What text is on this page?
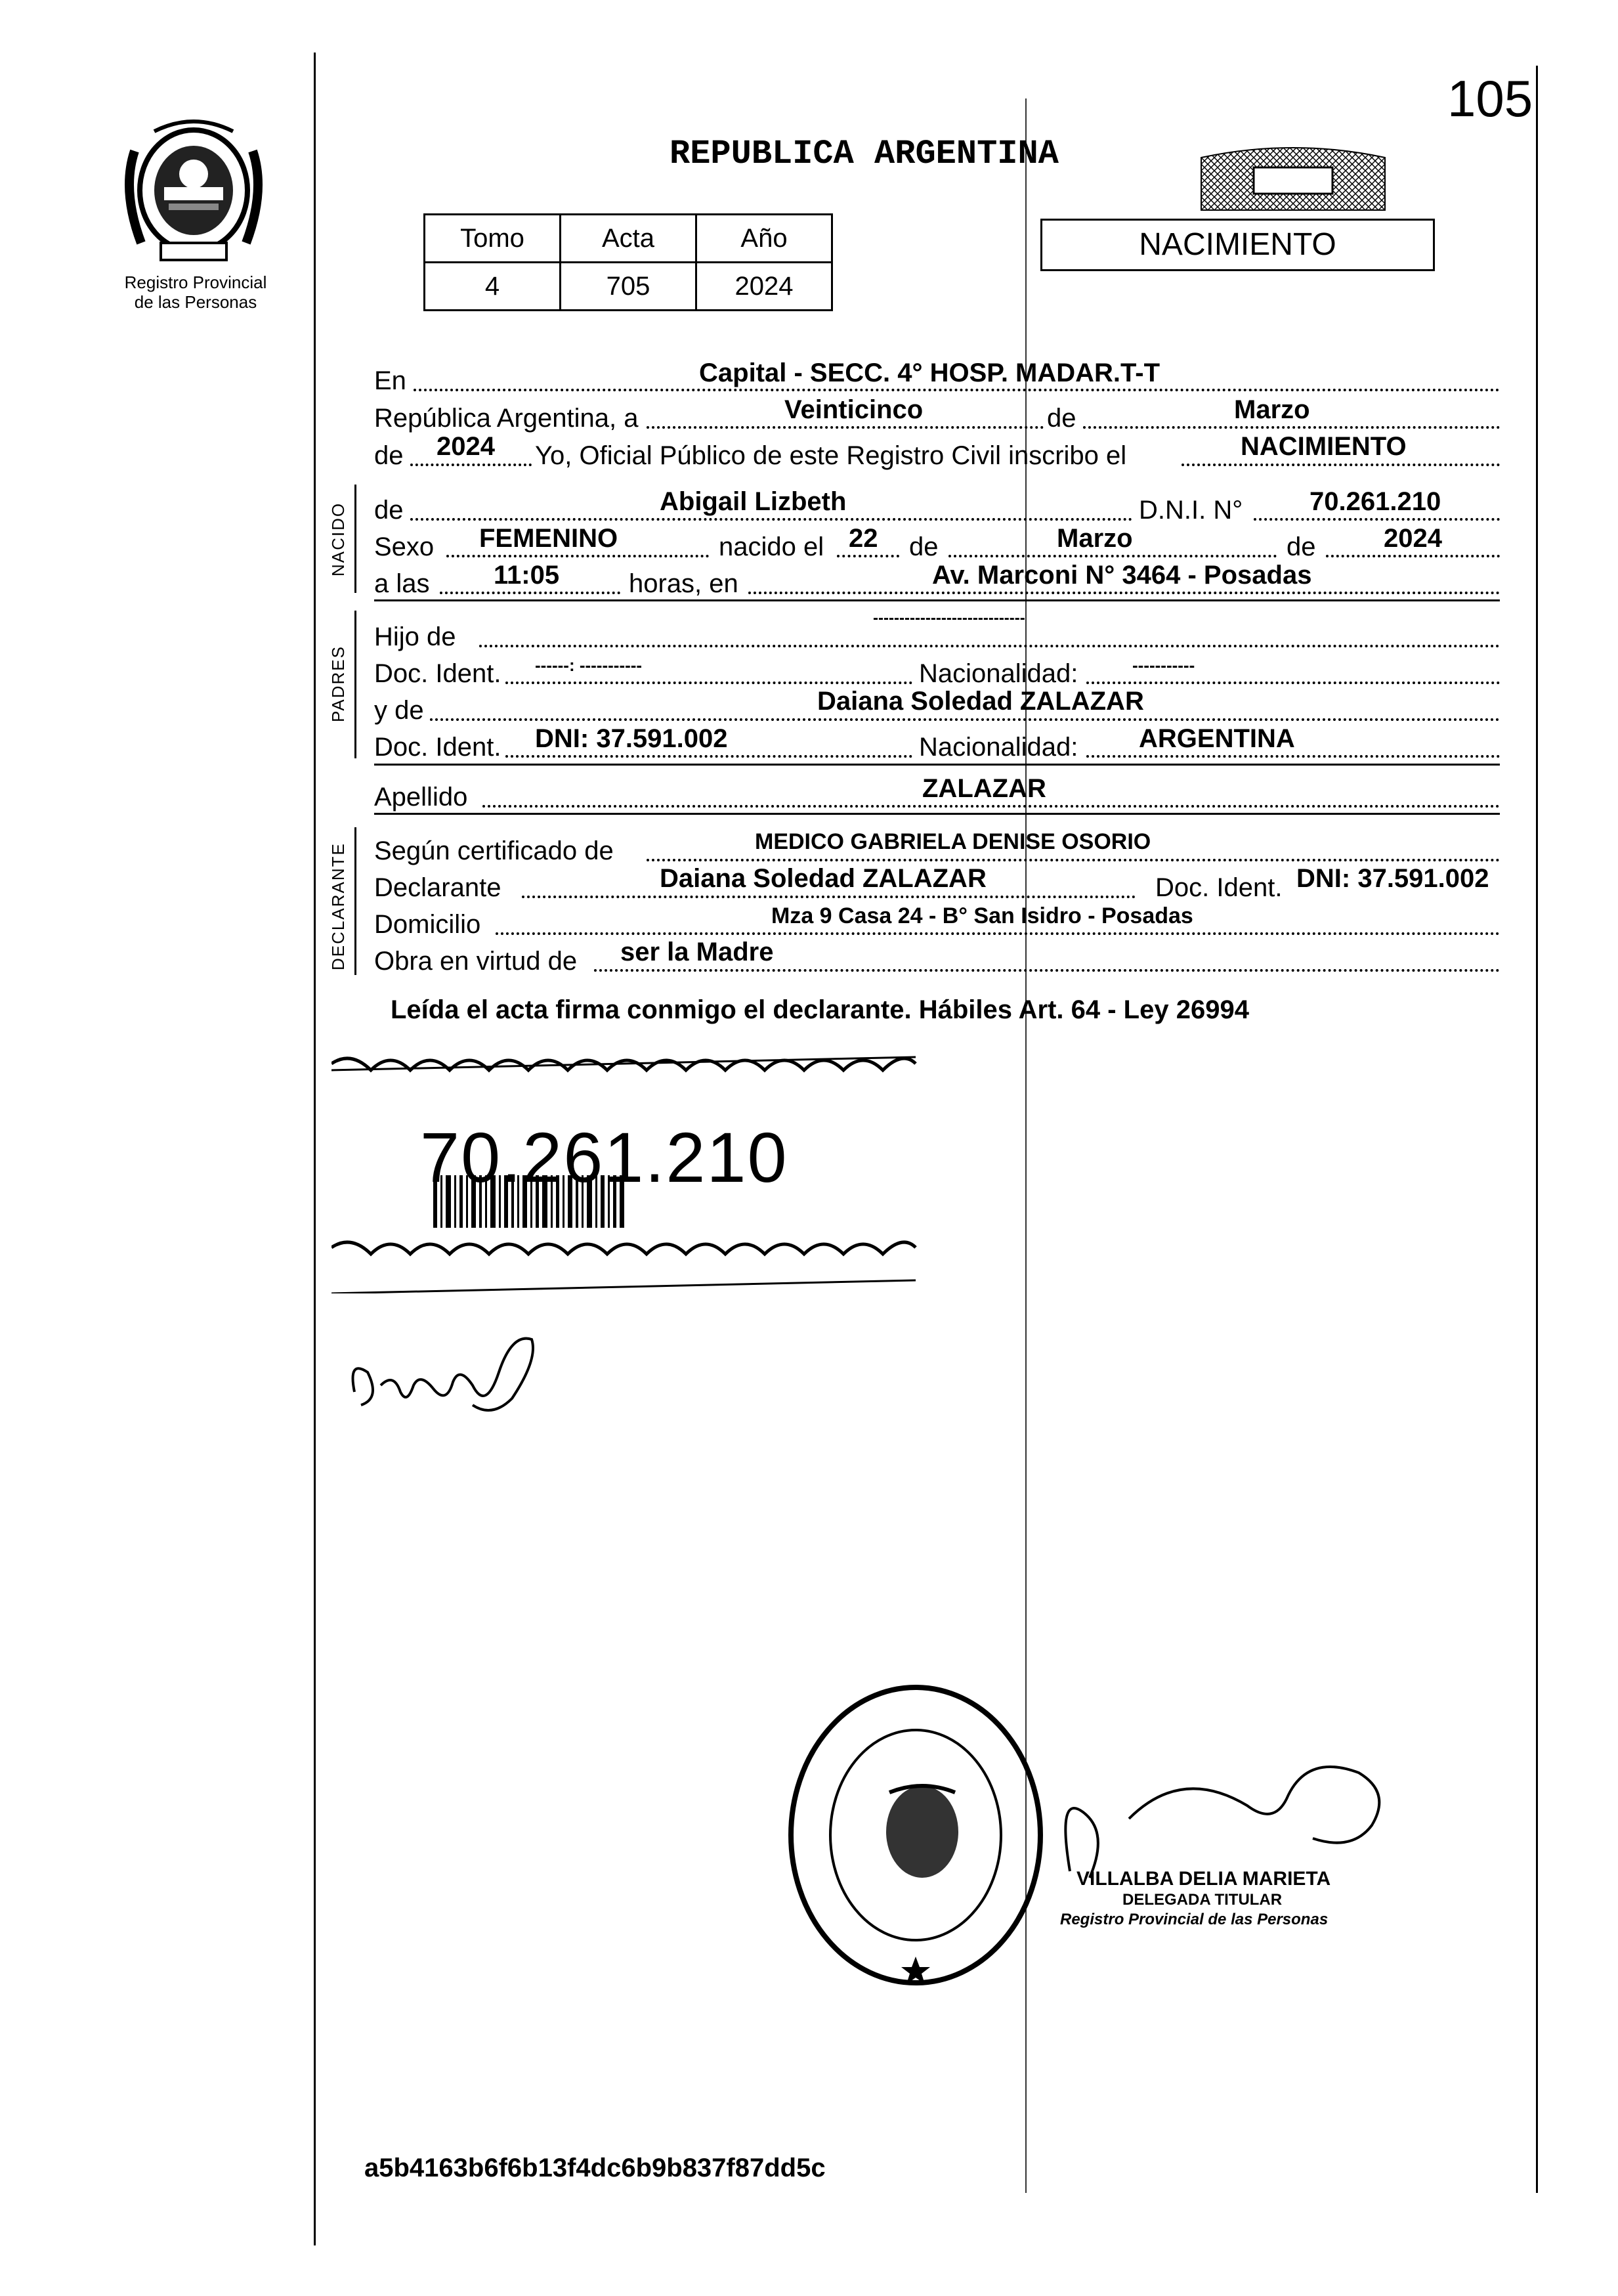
105
Registro Provincial
de las Personas
REPUBLICA ARGENTINA
Tomo	Acta	Año
4	705	2024
NACIMIENTO
En	Capital - SECC. 4° HOSP. MADAR.T-T
República Argentina, a	Veinticinco	de	Marzo
de 2024 Yo, Oficial Público de este Registro Civil inscribo el	NACIMIENTO
NACIDO de	Abigail Lizbeth	D.N.I. N°	70.261.210
Sexo FEMENINO	nacido el 22 de	Marzo	de	2024
a las 11:05	horas, en	Av. Marconi N° 3464 - Posadas
PADRES
Hijo de
-----------------------------
Doc. Ident. ------: -----------	Nacionalidad:	-----------
y de	Daiana Soledad ZALAZAR
Doc. Ident. DNI: 37.591.002	Nacionalidad: ARGENTINA
Apellido	ZALAZAR
DECLARANTE Según certificado de	MEDICO GABRIELA DENISE OSORIO
Declarante	Daiana Soledad ZALAZAR	Doc. Ident. DNI: 37.591.002
Domicilio	Mza 9 Casa 24 - B° San Isidro - Posadas
Obra en virtud de ser la Madre
Leída el acta firma conmigo el declarante. Hábiles Art. 64 - Ley 26994
70.261.210
VILLALBA DELIA MARIETA
DELEGADA TITULAR
Registro Provincial de las Personas
a5b4163b6f6b13f4dc6b9b837f87dd5c
